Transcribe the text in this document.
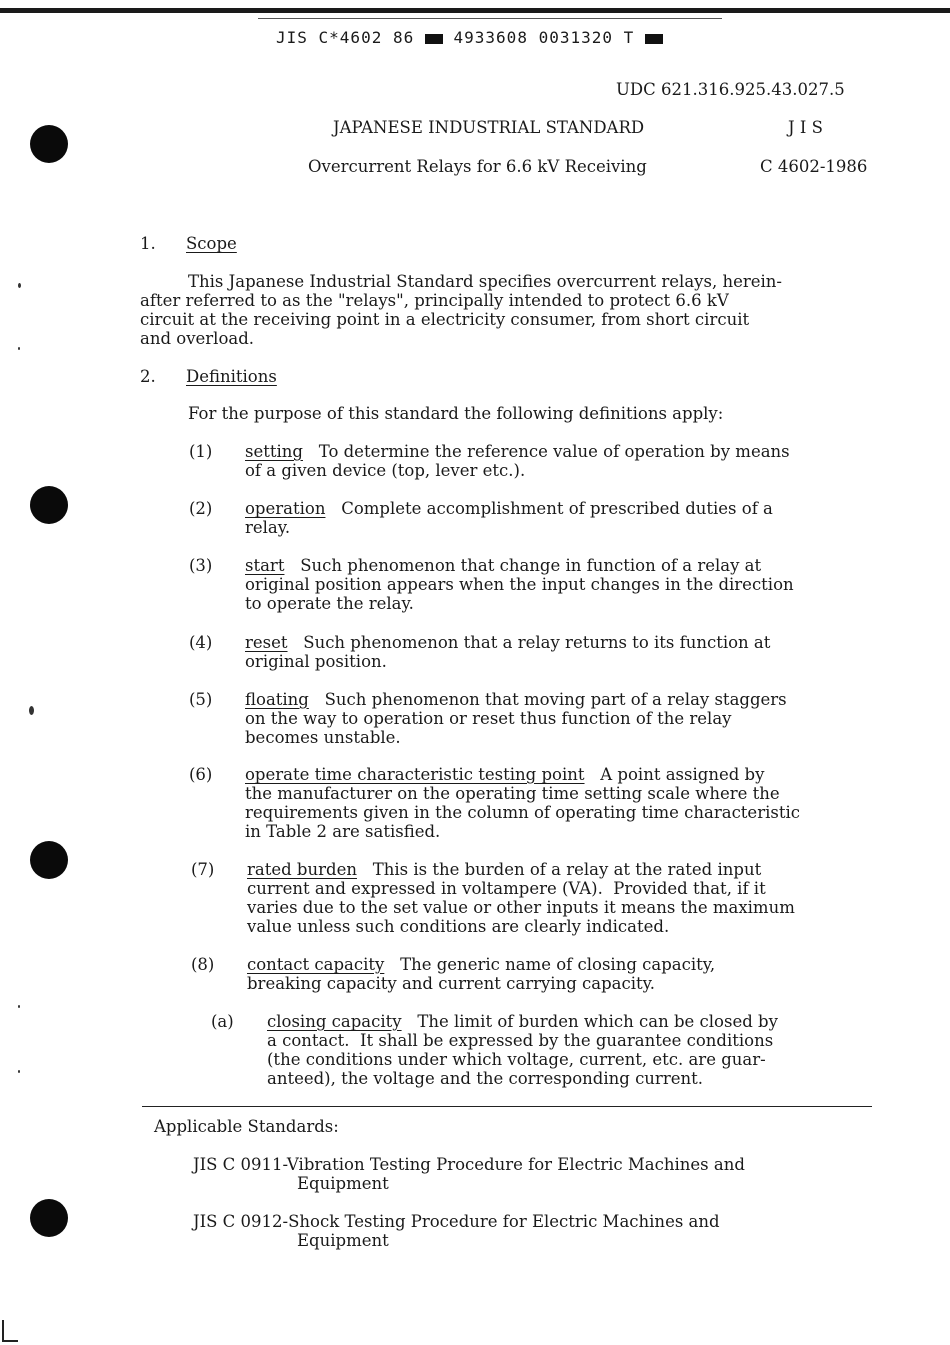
JIS C*4602 86 4933608 0031320 T
UDC 621.316.925.43.027.5
JAPANESE INDUSTRIAL STANDARD	J I S
Overcurrent Relays for 6.6 kV Receiving	C 4602-1986
1. Scope
This Japanese Industrial Standard specifies overcurrent relays, herein-
after referred to as the "relays", principally intended to protect 6.6 kV
circuit at the receiving point in a electricity consumer, from short circuit
and overload.
2. Definitions
For the purpose of this standard the following definitions apply:
(1) setting To determine the reference value of operation by means
of a given device (top, lever etc.).
(2) operation Complete accomplishment of prescribed duties of a
relay.
(3) start Such phenomenon that change in function of a relay at
original position appears when the input changes in the direction
to operate the relay.
(4) reset Such phenomenon that a relay returns to its function at
original position.
(5) floating Such phenomenon that moving part of a relay staggers
on the way to operation or reset thus function of the relay
becomes unstable.
(6) operate time characteristic testing point A point assigned by
the manufacturer on the operating time setting scale where the
requirements given in the column of operating time characteristic
in Table 2 are satisfied.
(7) rated burden This is the burden of a relay at the rated input
current and expressed in voltampere (VA).  Provided that, if it
varies due to the set value or other inputs it means the maximum
value unless such conditions are clearly indicated.
(8) contact capacity The generic name of closing capacity,
breaking capacity and current carrying capacity.
(a) closing capacity The limit of burden which can be closed by
a contact.  It shall be expressed by the guarantee conditions
(the conditions under which voltage, current, etc. are guar-
anteed), the voltage and the corresponding current.
Applicable Standards:
JIS C 0911-Vibration Testing Procedure for Electric Machines and
Equipment
JIS C 0912-Shock Testing Procedure for Electric Machines and
Equipment
